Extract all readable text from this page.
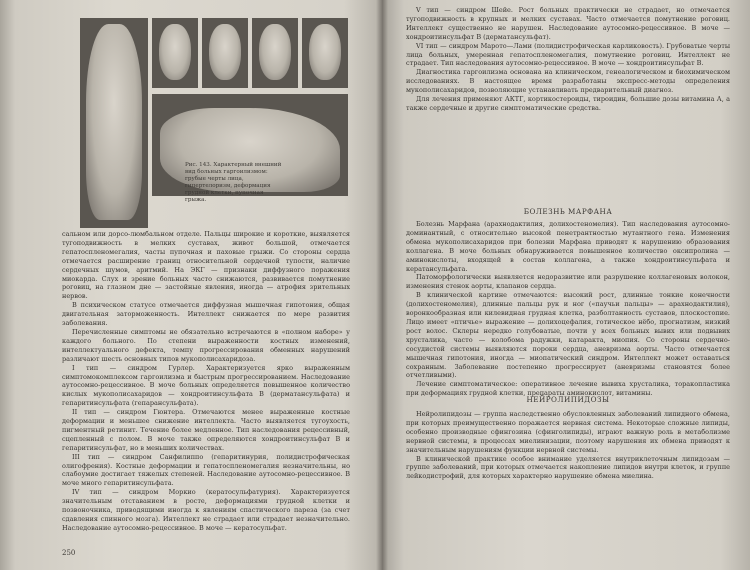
Рис. 143. Характерный внешний вид больных гаргоилизмом: грубые черты лица, гипертелоризм, деформация грудной клетки, пупочная грыжа.

сальном или дорсо-люмбальном отделе. Пальцы широкие и короткие, выявляется тугоподвижность в мелких суставах, живот большой, отмечается гепатоспленомегалия, часты пупочная и паховые грыжи. Со стороны сердца отмечается расширение границ относительной сердечной тупости, наличие сердечных шумов, аритмий. На ЭКГ — признаки диффузного поражения миокарда. Слух и зрение больных часто снижаются, развивается помутнение роговиц, на глазном дне — застойные явления, иногда — атрофия зрительных нервов.

В психическом статусе отмечается диффузная мышечная гипотония, общая двигательная заторможенность. Интеллект снижается по мере развития заболевания.

Перечисленные симптомы не обязательно встречаются в «полном наборе» у каждого больного. По степени выраженности костных изменений, интеллектуального дефекта, темпу прогрессирования обменных нарушений различают шесть основных типов мукополисахаридоза.

I тип — синдром Гурлер. Характеризуется ярко выраженным симптомокомплексом гаргоилизма и быстрым прогрессированием. Наследование аутосомно-рецессивное. В моче больных определяется повышенное количество кислых мукополисахаридов — хондроитинсульфата В (дерматансульфата) и гепаритинсульфата (гепарансульфата).

II тип — синдром Гюнтера. Отмечаются менее выраженные костные деформации и меньшее снижение интеллекта. Часто выявляется тугоухость, пигментный ретинит. Течение более медленное. Тип наследования рецессивный, сцепленный с полом. В моче также определяются хондроитинсульфат В и гепаритинсульфат, но в меньших количествах.

III тип — синдром Санфилиппо (гепаритинурия, полидистрофическая олигофрения). Костные деформации и гепатоспленомегалия незначительны, но слабоумие достигает тяжелых степеней. Наследование аутосомно-рецессивное. В моче много гепаритинсульфата.

IV тип — синдром Моркио (кератосульфатурия). Характеризуется значительным отставанием в росте, деформациями грудной клетки и позвоночника, приводящими иногда к явлениям спастического пареза (за счет сдавления спинного мозга). Интеллект не страдает или страдает незначительно. Наследование аутосомно-рецессивное. В моче — кератосульфат.

250

V тип — синдром Шейе. Рост больных практически не страдает, но отмечается тугоподвижность в крупных и мелких суставах. Часто отмечается помутнение роговиц. Интеллект существенно не нарушен. Наследование аутосомно-рецессивное. В моче — хондроитинсульфат В (дерматансульфат).

VI тип — синдром Марото—Лами (полидистрофическая карликовость). Грубоватые черты лица больных, умеренная гепатоспленомегалия, помутнение роговиц. Интеллект не страдает. Тип наследования аутосомно-рецессивное. В моче — хондроитинсульфат В.

Диагностика гаргоилизма основана на клиническом, генеалогическом и биохимическом исследованиях. В настоящее время разработаны экспресс-методы определения мукополисахаридов, позволяющие устанавливать предварительный диагноз.

Для лечения применяют АКТГ, кортикостероиды, тироидин, большие дозы витамина А, а также сердечные и другие симптоматические средства.

БОЛЕЗНЬ МАРФАНА

Болезнь Марфана (арахнодактилия, долихостеномелия). Тип наследования аутосомно-доминантный, с относительно высокой пенетрантностью мутантного гена. Изменения обмена мукополисахаридов при болезни Марфана приводят к нарушению образования коллагена. В моче больных обнаруживается повышенное количество оксипролина — аминокислоты, входящей в состав коллагена, а также хондроитинсульфата и кератансульфата.

Патоморфологически выявляется недоразвитие или разрушение коллагеновых волокон, изменения стенок аорты, клапанов сердца.

В клинической картине отмечаются: высокий рост, длинные тонкие конечности (долихостеномелия), длинные пальцы рук и ног («паучьи пальцы» — арахнодактилия), воронкообразная или килевидная грудная клетка, разболтанность суставов, плоскостопие. Лицо имеет «птичье» выражение — долихоцефалия, готическое нёбо, прогнатизм, низкий рост волос. Склеры нередко голубоватые, почти у всех больных вывих или подвывих хрусталика, часто — колобома радужки, катаракта, миопия. Со стороны сердечно-сосудистой системы выявляются пороки сердца, аневризма аорты. Часто отмечается мышечная гипотония, иногда — миопатический синдром. Интеллект может оставаться сохранным. Заболевание постепенно прогрессирует (аневризмы становятся более отчетливыми).

Лечение симптоматическое: оперативное лечение вывиха хрусталика, торакопластика при деформациях грудной клетки, препараты аминокислот, витамины.

НЕЙРОЛИПИДОЗЫ

Нейролипидозы — группа наследственно обусловленных заболеваний липидного обмена, при которых преимущественно поражается нервная система. Некоторые сложные липиды, особенно производные сфингозина (сфинголипиды), играют важную роль в метаболизме нервной системы, в процессах миелинизации, поэтому нарушения их обмена приводят к значительным нарушениям функции нервной системы.

В клинической практике особое внимание уделяется внутриклеточным липидозам — группе заболеваний, при которых отмечается накопление липидов внутри клеток, и группе лейкодистрофий, для которых характерно нарушение обмена миелина.
